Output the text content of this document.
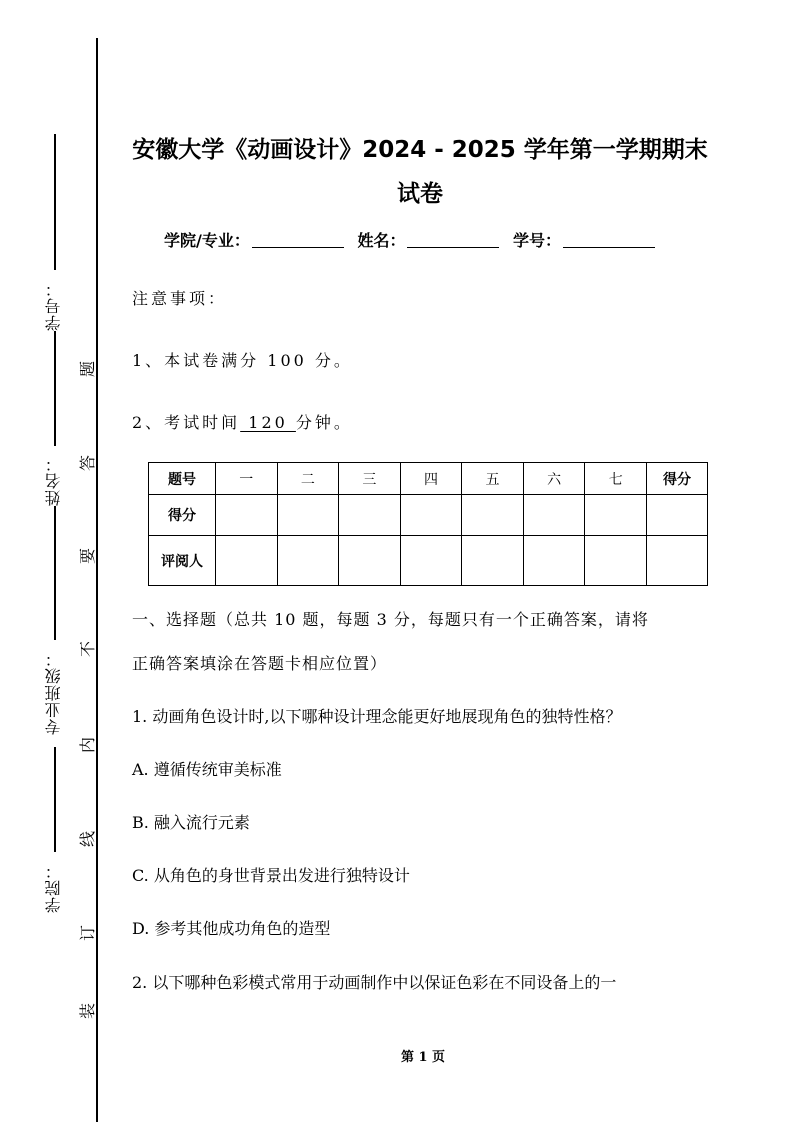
学号：
姓名：
专业班级：
学院：
题
答
要
不
内
线
订
装
安徽大学《动画设计》2024 - 2025 学年第一学期期末
试卷
学院/专业：	姓名：	学号：
注意事项：
1、本试卷满分 100 分。
2、考试时间 120 分钟。
题号	一	二	三	四	五	六	七	得分
得分								
评阅人								
一、选择题（总共 10 题，每题 3 分，每题只有一个正确答案，请将
正确答案填涂在答题卡相应位置）
1. 动画角色设计时,以下哪种设计理念能更好地展现角色的独特性格？
A. 遵循传统审美标准
B. 融入流行元素
C. 从角色的身世背景出发进行独特设计
D. 参考其他成功角色的造型
2. 以下哪种色彩模式常用于动画制作中以保证色彩在不同设备上的一
第 1 页
